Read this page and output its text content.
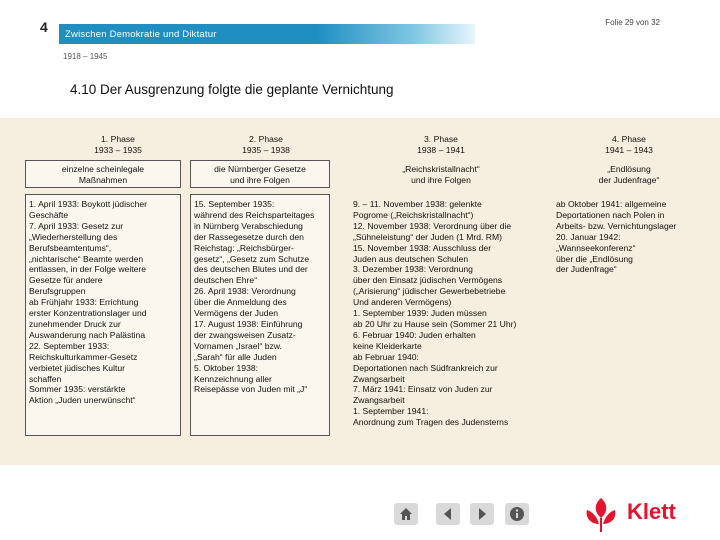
4	Folie 29 von 32
Zwischen Demokratie und Diktatur
1918 – 1945
4.10 Der Ausgrenzung folgte die geplante Vernichtung
1. Phase
1933 – 1935
einzelne scheinlegale
Maßnahmen
1. April 1933: Boykott jüdischer
Geschäfte
7. April 1933: Gesetz zur
„Wiederherstellung des
Berufsbeamtentums“,
„nichtarische“ Beamte werden
entlassen, in der Folge weitere
Gesetze für andere
Berufsgruppen
ab Frühjahr 1933: Errichtung
erster Konzentrationslager und
zunehmender Druck zur
Auswanderung nach Palästina
22. September 1933:
Reichskulturkammer-Gesetz
verbietet jüdisches Kultur
schaffen
Sommer 1935: verstärkte
Aktion „Juden unerwünscht“
2. Phase
1935 – 1938
die Nürnberger Gesetze
und ihre Folgen
15. September 1935:
während des Reichsparteitages
in Nürnberg Verabschiedung
der Rassegesetze durch den
Reichstag: „Reichsbürger-
gesetz“, „Gesetz zum Schutze
des deutschen Blutes und der
deutschen Ehre“
26. April 1938: Verordnung
über die Anmeldung des
Vermögens der Juden
17. August 1938: Einführung
der zwangsweisen Zusatz-
Vornamen „Israel“ bzw.
„Sarah“ für alle Juden
5. Oktober 1938:
Kennzeichnung aller
Reisepässe von Juden mit „J“
3. Phase
1938 – 1941
„Reichskristallnacht“
und ihre Folgen
9. – 11. November 1938: gelenkte
Pogrome („Reichskristallnacht“)
12. November 1938: Verordnung über die
„Sühneleistung“ der Juden (1 Mrd. RM)
15. November 1938: Ausschluss der
Juden aus deutschen Schulen
3. Dezember 1938: Verordnung
über den Einsatz jüdischen Vermögens
(„Arisierung“ jüdischer Gewerbebetriebe
Und anderen Vermögens)
1. September 1939: Juden müssen
ab 20 Uhr zu Hause sein (Sommer 21 Uhr)
6. Februar 1940: Juden erhalten
keine Kleiderkarte
ab Februar 1940:
Deportationen nach Südfrankreich zur
Zwangsarbeit
7. März 1941: Einsatz von Juden zur
Zwangsarbeit
1. September 1941:
Anordnung zum Tragen des Judensterns
4. Phase
1941 – 1943
„Endlösung
der Judenfrage“
ab Oktober 1941: allgemeine
Deportationen nach Polen in
Arbeits- bzw. Vernichtungslager
20. Januar 1942:
„Wannseekonferenz“
über die „Endlösung
der Judenfrage“
Klett
